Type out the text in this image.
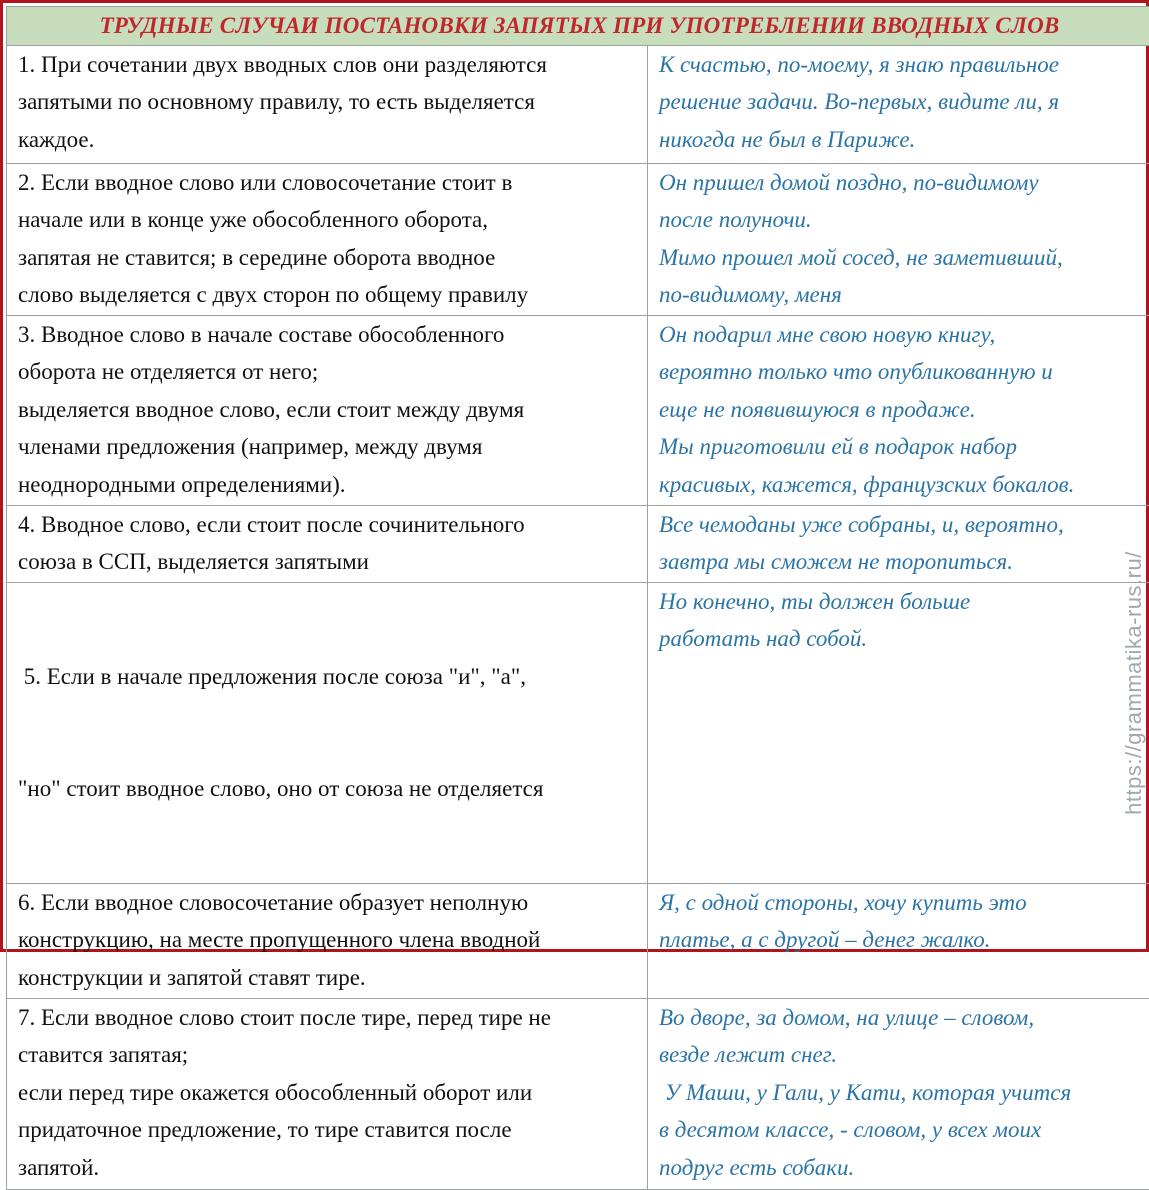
ТРУДНЫЕ СЛУЧАИ ПОСТАНОВКИ ЗАПЯТЫХ ПРИ УПОТРЕБЛЕНИИ ВВОДНЫХ СЛОВ	

1. При сочетании двух вводных слов они разделяются
запятыми по основному правилу, то есть выделяется
каждое.	К счастью, по-моему, я знаю правильное
решение задачи. Во-первых, видите ли, я
никогда не был в Париже.

2. Если вводное слово или словосочетание стоит в
начале или в конце уже обособленного оборота,
запятая не ставится; в середине оборота вводное
слово выделяется с двух сторон по общему правилу	Он пришел домой поздно, по-видимому
после полуночи.
Мимо прошел мой сосед, не заметивший,
по-видимому, меня

3. Вводное слово в начале составе обособленного
оборота не отделяется от него;
выделяется вводное слово, если стоит между двумя
членами предложения (например, между двумя
неоднородными определениями).	Он подарил мне свою новую книгу,
вероятно только что опубликованную и
еще не появившуюся в продаже.
Мы приготовили ей в подарок набор
красивых, кажется, французских бокалов.

4. Вводное слово, если стоит после сочинительного
союза в ССП, выделяется запятыми	Все чемоданы уже собраны, и, вероятно,
завтра мы сможем не торопиться.

5. Если в начале предложения после союза "и", "а",

"но" стоит вводное слово, оно от союза не отделяется	Но конечно, ты должен больше
работать над собой.

6. Если вводное словосочетание образует неполную
конструкцию, на месте пропущенного члена вводной
конструкции и запятой ставят тире.	Я, с одной стороны, хочу купить это
платье, а с другой – денег жалко.

7. Если вводное слово стоит после тире, перед тире не
ставится запятая;
если перед тире окажется обособленный оборот или
придаточное предложение, то тире ставится после
запятой.	Во дворе, за домом, на улице – словом,
везде лежит снег.
У Маши, у Гали, у Кати, которая учится
в десятом классе, - словом, у всех моих
подруг есть собаки.
https://grammatika-rus.ru/
